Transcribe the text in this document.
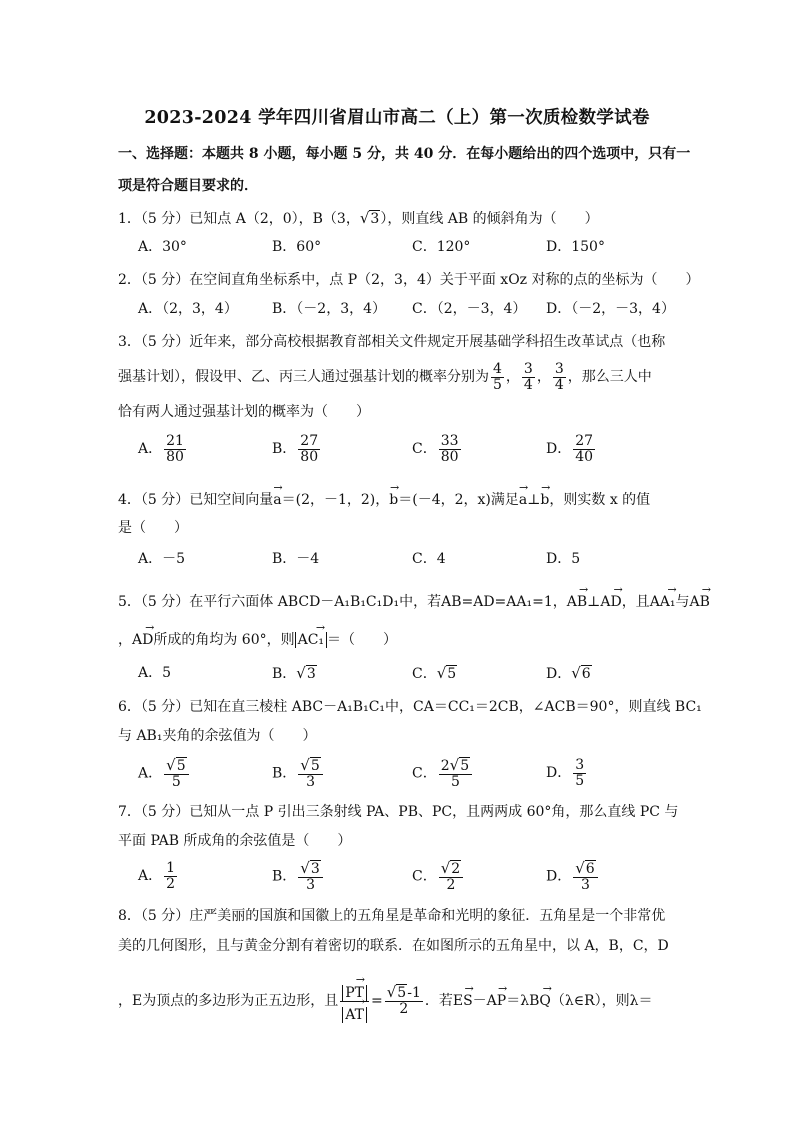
2023-2024 学年四川省眉山市高二（上）第一次质检数学试卷
一、选择题：本题共 8 小题，每小题 5 分，共 40 分．在每小题给出的四个选项中，只有一
项是符合题目要求的．
1．（5 分）已知点 A（2，0），B（3，√3），则直线 AB 的倾斜角为（　　）
A．30°	B．60°	C．120°	D．150°
2．（5 分）在空间直角坐标系中，点 P（2，3，4）关于平面 xOz 对称的点的坐标为（　　）
A．（2，3，4） B．（－2，3，4） C．（2，－3，4） D．（－2，－3，4）
3．（5 分）近年来，部分高校根据教育部相关文件规定开展基础学科招生改革试点（也称
强基计划），假设甲、乙、丙三人通过强基计划的概率分别为 $\frac{4}{5}$ ， $\frac{3}{4}$ ， $\frac{3}{4}$ ，那么三人中
恰有两人通过强基计划的概率为（　　）
A． $\frac{21}{80}$	B． $\frac{27}{80}$	C． $\frac{33}{80}$	D． $\frac{27}{40}$
4．（5 分）已知空间向量→ a＝(2，－1，2)，→ b＝(－4，2，x)满足→ a⊥→ b，则实数 x 的值
是（　　）
A．－5	B．－4	C．4	D．5
5．（5 分）在平行六面体 ABCD－A₁B₁C₁D₁中，若AB=AD=AA₁=1，→ AB⊥→ AD，且→ AA₁与→ AB
，→ AD所成的角均为 60°，则 → AC₁ ＝（　　）
A．5	B．√3	C．√5	D．√6
6．（5 分）已知在直三棱柱 ABC－A₁B₁C₁中，CA＝CC₁＝2CB，∠ACB＝90°，则直线 BC₁
与 AB₁夹角的余弦值为（　　）
A． $\frac{√5}{5}$	B． $\frac{√5}{3}$	C． $\frac{2√5}{5}$	D． $\frac{3}{5}$
7．（5 分）已知从一点 P 引出三条射线 PA、PB、PC，且两两成 60°角，那么直线 PC 与
平面 PAB 所成角的余弦值是（　　）
A． $\frac{1}{2}$	B． $\frac{√3}{3}$	C． $\frac{√2}{2}$	D． $\frac{√6}{3}$
8．（5 分）庄严美丽的国旗和国徽上的五角星是革命和光明的象征．五角星是一个非常优
美的几何图形，且与黄金分割有着密切的联系．在如图所示的五角星中，以 A，B，C，D
，E为顶点的多边形为正五边形，且 → PT
→ AT = $\frac{√5-1}{2}$ ．若→ ES－→ AP＝λ→ BQ（λ∈R），则λ＝
